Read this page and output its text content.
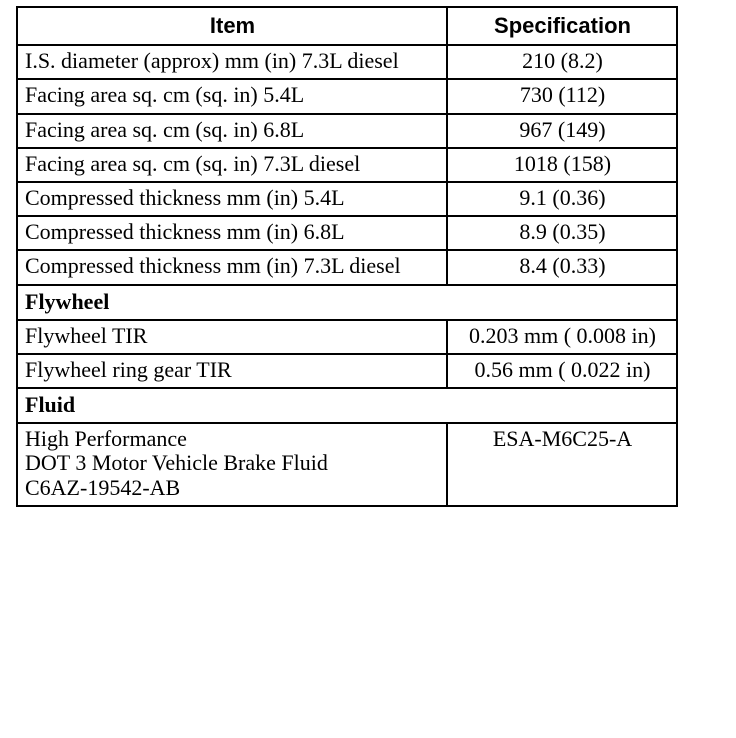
Item	Specification
I.S. diameter (approx) mm (in) 7.3L diesel	210 (8.2)
Facing area sq. cm (sq. in) 5.4L	730 (112)
Facing area sq. cm (sq. in) 6.8L	967 (149)
Facing area sq. cm (sq. in) 7.3L diesel	1018 (158)
Compressed thickness mm (in) 5.4L	9.1 (0.36)
Compressed thickness mm (in) 6.8L	8.9 (0.35)
Compressed thickness mm (in) 7.3L diesel	8.4 (0.33)
Flywheel	
Flywheel TIR	0.203 mm ( 0.008 in)
Flywheel ring gear TIR	0.56 mm ( 0.022 in)
Fluid	

High Performance
DOT 3 Motor Vehicle Brake Fluid
C6AZ-19542-AB	ESA-M6C25-A
